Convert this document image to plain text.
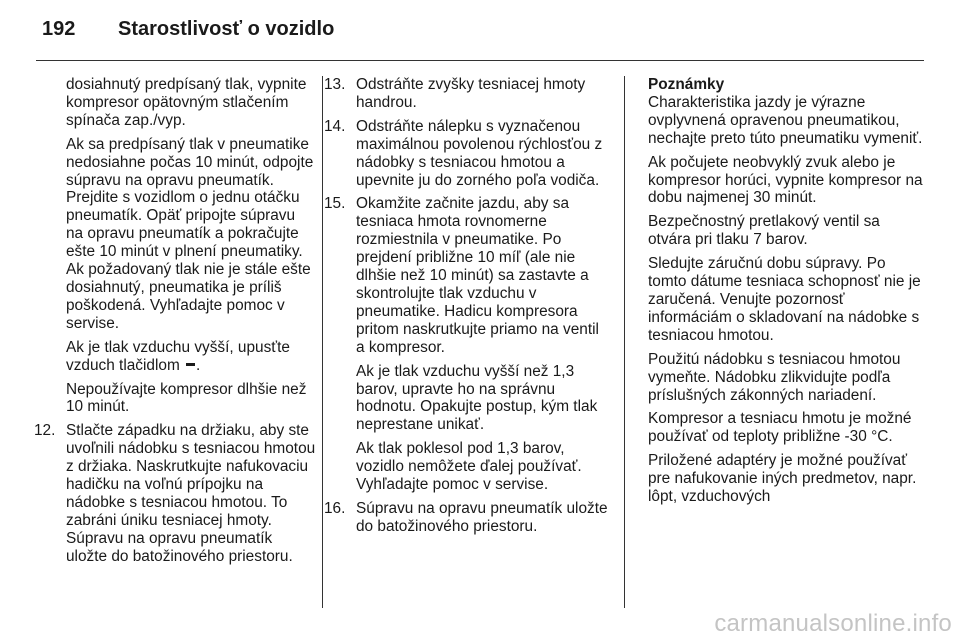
192	Starostlivosť o vozidlo

dosiahnutý predpísaný tlak, vypnite kompresor opätovným stlačením spínača zap./vyp.

Ak sa predpísaný tlak v pneumatike nedosiahne počas 10 minút, odpojte súpravu na opravu pneumatík. Prejdite s vozidlom o jednu otáčku pneumatík. Opäť pripojte súpravu na opravu pneumatík a pokračujte ešte 10 minút v plnení pneumatiky. Ak požadovaný tlak nie je stále ešte dosiahnutý, pneumatika je príliš poškodená. Vyhľadajte pomoc v servise.

Ak je tlak vzduchu vyšší, upusťte vzduch tlačidlom .

Nepoužívajte kompresor dlhšie než 10 minút.

12. Stlačte západku na držiaku, aby ste uvoľnili nádobku s tesniacou hmotou z držiaka. Naskrutkujte nafukovaciu hadičku na voľnú prípojku na nádobke s tesniacou hmotou. To zabráni úniku tesniacej hmoty. Súpravu na opravu pneumatík uložte do batožinového priestoru.
13. Odstráňte zvyšky tesniacej hmoty handrou.
14. Odstráňte nálepku s vyznačenou maximálnou povolenou rýchlosťou z nádobky s tesniacou hmotou a upevnite ju do zorného poľa vodiča.
15. Okamžite začnite jazdu, aby sa tesniaca hmota rovnomerne rozmiestnila v pneumatike. Po prejdení približne 10 míľ (ale nie dlhšie než 10 minút) sa zastavte a skontrolujte tlak vzduchu v pneumatike. Hadicu kompresora pritom naskrutkujte priamo na ventil a kompresor.

Ak je tlak vzduchu vyšší než 1,3 barov, upravte ho na správnu hodnotu. Opakujte postup, kým tlak neprestane unikať.

Ak tlak poklesol pod 1,3 barov, vozidlo nemôžete ďalej používať. Vyhľadajte pomoc v servise.

16. Súpravu na opravu pneumatík uložte do batožinového priestoru.

Poznámky

Charakteristika jazdy je výrazne ovplyvnená opravenou pneumatikou, nechajte preto túto pneumatiku vymeniť.

Ak počujete neobvyklý zvuk alebo je kompresor horúci, vypnite kompresor na dobu najmenej 30 minút.

Bezpečnostný pretlakový ventil sa otvára pri tlaku 7 barov.

Sledujte záručnú dobu súpravy. Po tomto dátume tesniaca schopnosť nie je zaručená. Venujte pozornosť informáciám o skladovaní na nádobke s tesniacou hmotou.

Použitú nádobku s tesniacou hmotou vymeňte. Nádobku zlikvidujte podľa príslušných zákonných nariadení.

Kompresor a tesniacu hmotu je možné používať od teploty približne -30 °C.

Priložené adaptéry je možné používať pre nafukovanie iných predmetov, napr. lôpt, vzduchových

carmanualsonline.info
